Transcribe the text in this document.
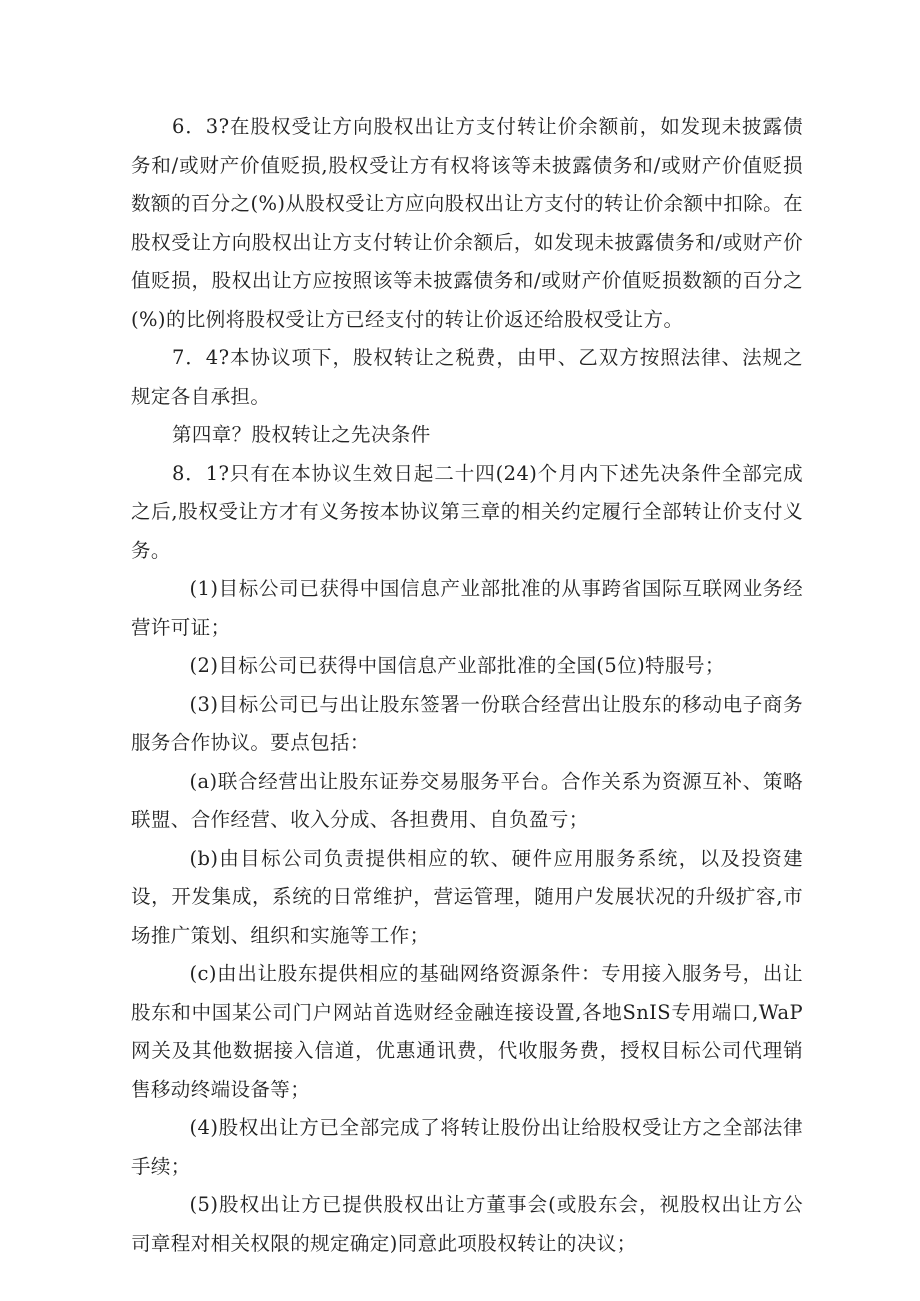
6．3?在股权受让方向股权出让方支付转让价余额前，如发现未披露债务和/或财产价值贬损,股权受让方有权将该等未披露债务和/或财产价值贬损数额的百分之(%)从股权受让方应向股权出让方支付的转让价余额中扣除。在股权受让方向股权出让方支付转让价余额后，如发现未披露债务和/或财产价值贬损，股权出让方应按照该等未披露债务和/或财产价值贬损数额的百分之(%)的比例将股权受让方已经支付的转让价返还给股权受让方。

7．4?本协议项下，股权转让之税费，由甲、乙双方按照法律、法规之规定各自承担。

第四章？股权转让之先决条件

8．1?只有在本协议生效日起二十四(24)个月内下述先决条件全部完成之后,股权受让方才有义务按本协议第三章的相关约定履行全部转让价支付义务。

(1)目标公司已获得中国信息产业部批准的从事跨省国际互联网业务经营许可证；

(2)目标公司已获得中国信息产业部批准的全国(5位)特服号；

(3)目标公司已与出让股东签署一份联合经营出让股东的移动电子商务服务合作协议。要点包括：

(a)联合经营出让股东证券交易服务平台。合作关系为资源互补、策略联盟、合作经营、收入分成、各担费用、自负盈亏；

(b)由目标公司负责提供相应的软、硬件应用服务系统，以及投资建设，开发集成，系统的日常维护，营运管理，随用户发展状况的升级扩容,市场推广策划、组织和实施等工作；

(c)由出让股东提供相应的基础网络资源条件：专用接入服务号，出让股东和中国某公司门户网站首选财经金融连接设置,各地SnIS专用端口,WaP网关及其他数据接入信道，优惠通讯费，代收服务费，授权目标公司代理销售移动终端设备等；

(4)股权出让方已全部完成了将转让股份出让给股权受让方之全部法律手续；

(5)股权出让方已提供股权出让方董事会(或股东会，视股权出让方公司章程对相关权限的规定确定)同意此项股权转让的决议；
